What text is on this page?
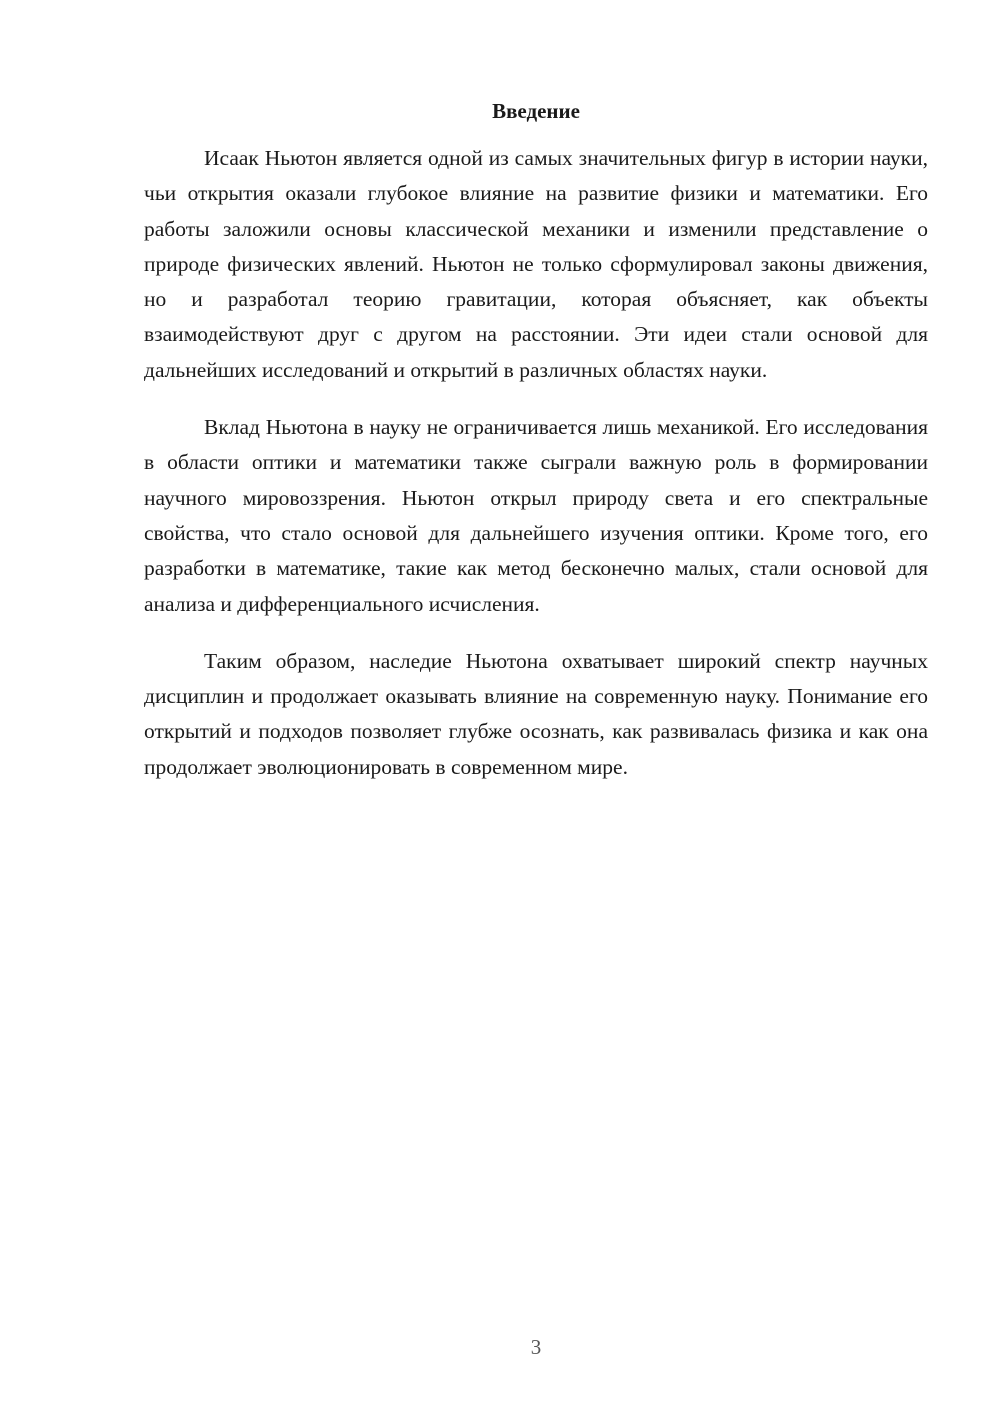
Введение

Исаак Ньютон является одной из самых значительных фигур в истории науки, чьи открытия оказали глубокое влияние на развитие физики и математики. Его работы заложили основы классической механики и изменили представление о природе физических явлений. Ньютон не только сформулировал законы движения, но и разработал теорию гравитации, которая объясняет, как объекты взаимодействуют друг с другом на расстоянии. Эти идеи стали основой для дальнейших исследований и открытий в различных областях науки.

Вклад Ньютона в науку не ограничивается лишь механикой. Его исследования в области оптики и математики также сыграли важную роль в формировании научного мировоззрения. Ньютон открыл природу света и его спектральные свойства, что стало основой для дальнейшего изучения оптики. Кроме того, его разработки в математике, такие как метод бесконечно малых, стали основой для анализа и дифференциального исчисления.

Таким образом, наследие Ньютона охватывает широкий спектр научных дисциплин и продолжает оказывать влияние на современную науку. Понимание его открытий и подходов позволяет глубже осознать, как развивалась физика и как она продолжает эволюционировать в современном мире.

3
